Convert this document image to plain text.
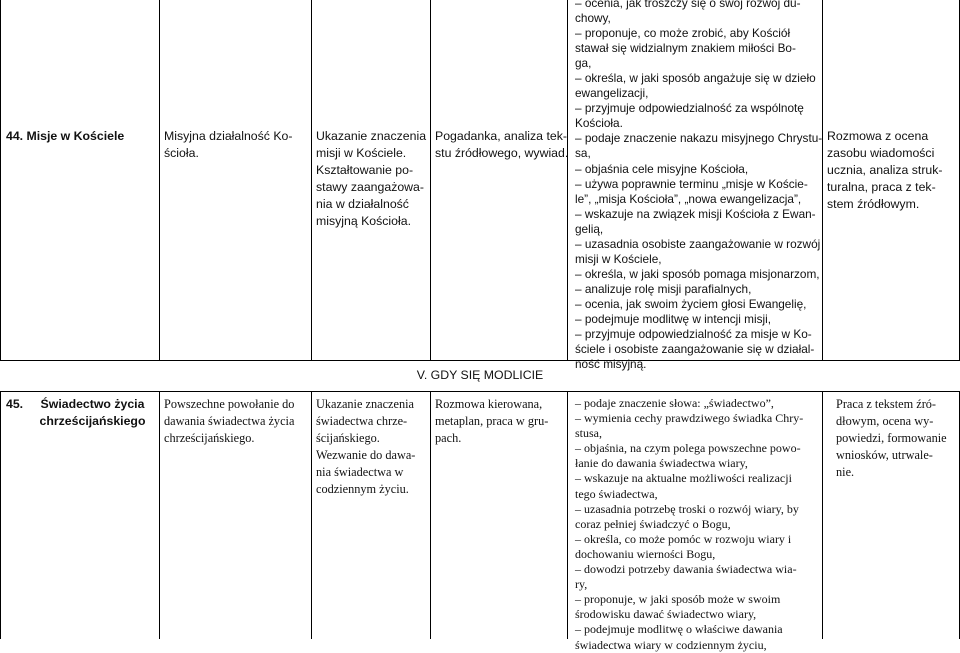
44. Misje w Kościele	Misyjna działalność Ko-
ścioła.
Ukazanie znaczenia
misji w Kościele.
Kształtowanie po-
stawy zaangażowa-
nia w działalność
misyjną Kościoła.
Pogadanka, analiza tek-
stu źródłowego, wywiad.
– ocenia, jak troszczy się o swój rozwój du-
chowy,
– proponuje, co może zrobić, aby Kościół
stawał się widzialnym znakiem miłości Bo-
ga,
– określa, w jaki sposób angażuje się w dzieło
ewangelizacji,
– przyjmuje odpowiedzialność za wspólnotę
Kościoła.
– podaje znaczenie nakazu misyjnego Chrystu-
sa,
– objaśnia cele misyjne Kościoła,
– używa poprawnie terminu „misje w Koście-
le”, „misja Kościoła”, „nowa ewangelizacja”,
– wskazuje na związek misji Kościoła z Ewan-
gelią,
– uzasadnia osobiste zaangażowanie w rozwój
misji w Kościele,
– określa, w jaki sposób pomaga misjonarzom,
– analizuje rolę misji parafialnych,
– ocenia, jak swoim życiem głosi Ewangelię,
– podejmuje modlitwę w intencji misji,
– przyjmuje odpowiedzialność za misje w Ko-
ściele i osobiste zaangażowanie się w działal-
ność misyjną.
Rozmowa z ocena
zasobu wiadomości
ucznia, analiza struk-
turalna, praca z tek-
stem źródłowym.
V. GDY SIĘ MODLICIE
45.	Świadectwo życia
chrześcijańskiego
Powszechne powołanie do
dawania świadectwa życia
chrześcijańskiego.
Ukazanie znaczenia
świadectwa chrze-
ścijańskiego.
Wezwanie do dawa-
nia świadectwa w
codziennym życiu.
Rozmowa kierowana,
metaplan, praca w gru-
pach.
– podaje znaczenie słowa: „świadectwo”,
– wymienia cechy prawdziwego świadka Chry-
stusa,
– objaśnia, na czym polega powszechne powo-
łanie do dawania świadectwa wiary,
– wskazuje na aktualne możliwości realizacji
tego świadectwa,
– uzasadnia potrzebę troski o rozwój wiary, by
coraz pełniej świadczyć o Bogu,
– określa, co może pomóc w rozwoju wiary i
dochowaniu wierności Bogu,
– dowodzi potrzeby dawania świadectwa wia-
ry,
– proponuje, w jaki sposób może w swoim
środowisku dawać świadectwo wiary,
– podejmuje modlitwę o właściwe dawania
świadectwa wiary w codziennym życiu,
Praca z tekstem źró-
dłowym, ocena wy-
powiedzi, formowanie
wniosków, utrwale-
nie.
